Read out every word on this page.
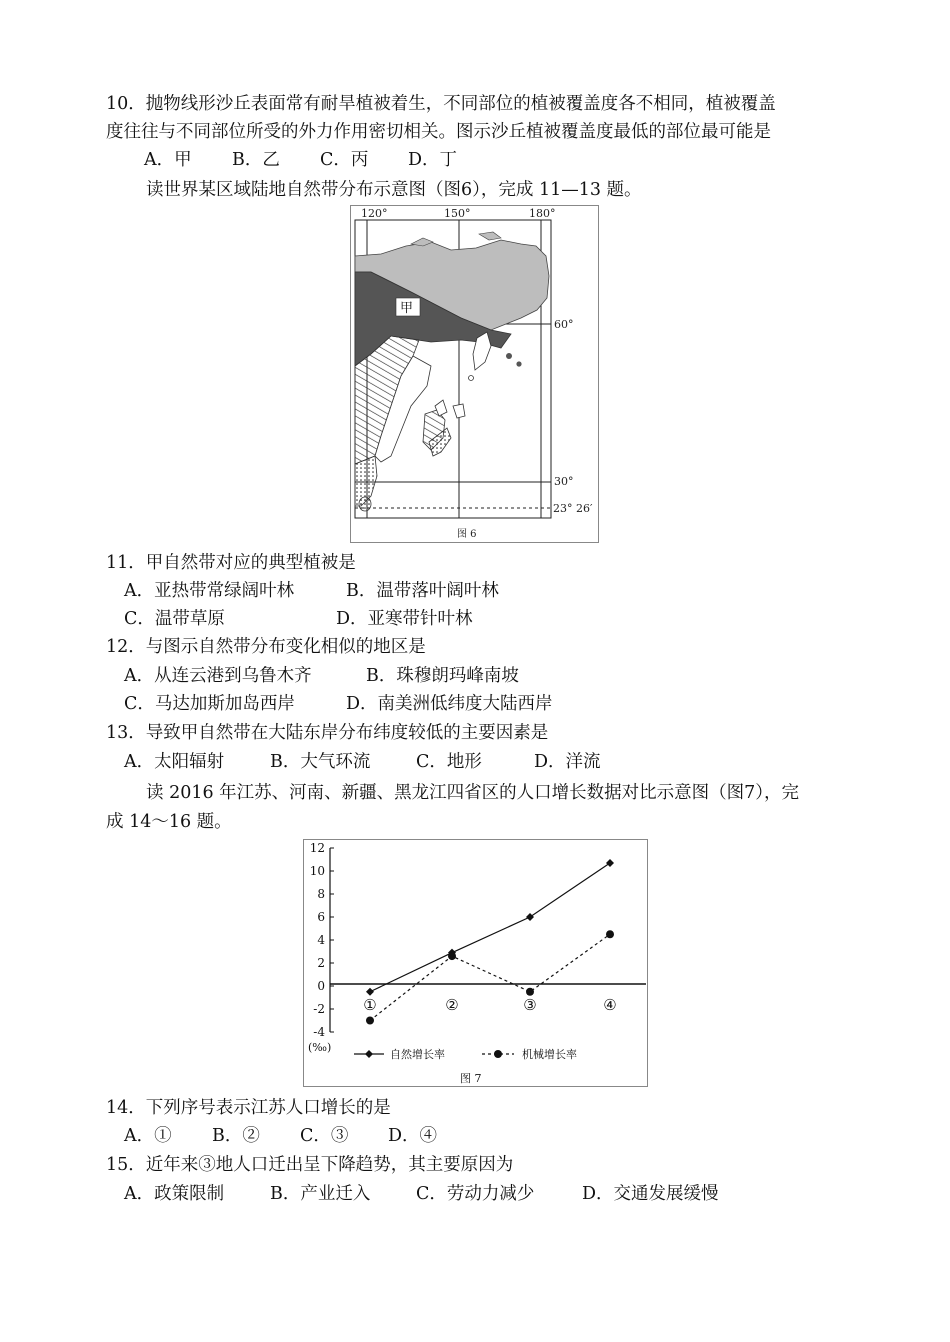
10．抛物线形沙丘表面常有耐旱植被着生，不同部位的植被覆盖度各不相同，植被覆盖
度往往与不同部位所受的外力作用密切相关。图示沙丘植被覆盖度最低的部位最可能是
A．甲 B．乙 C．丙 D．丁
读世界某区域陆地自然带分布示意图（图6），完成 11—13 题。
120°	150°	180°
60°
30°
23° 26′
甲
图 6
11．甲自然带对应的典型植被是
A．亚热带常绿阔叶林	B．温带落叶阔叶林
C．温带草原	D．亚寒带针叶林
12．与图示自然带分布变化相似的地区是
A．从连云港到乌鲁木齐	B．珠穆朗玛峰南坡
C．马达加斯加岛西岸	D．南美洲低纬度大陆西岸
13．导致甲自然带在大陆东岸分布纬度较低的主要因素是
A．太阳辐射	B．大气环流	C．地形	D．洋流
读 2016 年江苏、河南、新疆、黑龙江四省区的人口增长数据对比示意图（图7），完
成 14～16 题。
12
10
8
6
4
2
0
-2
-4
①	②	③	④
(‰)
自然增长率	机械增长率
图 7
14．下列序号表示江苏人口增长的是
A．① B．② C．③ D．④
15．近年来③地人口迁出呈下降趋势，其主要原因为
A．政策限制	B．产业迁入	C．劳动力减少	D．交通发展缓慢
